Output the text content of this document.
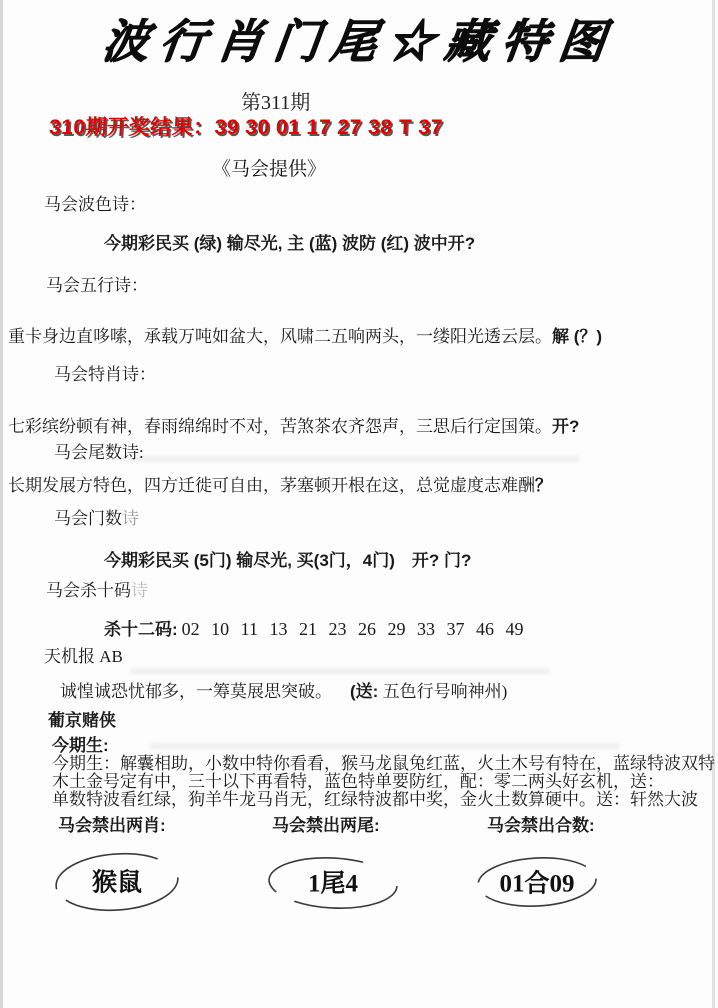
波行肖门尾☆藏特图
第311期
310期开奖结果：39 30 01 17 27 38 T 37
《马会提供》
马会波色诗：
今期彩民买 (绿) 输尽光, 主 (蓝) 波防 (红) 波中开?
马会五行诗：
重卡身边直哆嗦，承载万吨如盆大，风啸二五响两头，一缕阳光透云层。解 (？)
马会特肖诗：
七彩缤纷顿有神，春雨绵绵时不对，苦煞茶农齐怨声，三思后行定国策。开?
马会尾数诗:
长期发展方特色，四方迁徙可自由，茅塞顿开根在这，总觉虚度志难酬？
马会门数诗
今期彩民买 (5门) 输尽光, 买(3门，4门)　开? 门?
马会杀十码诗
杀十二码: 02 10 11 13 21 23 26 29 33 37 46 49
天机报 AB
诚惶诚恐忧郁多，一筹莫展思突破。 (送: 五色行号响神州)
葡京赌侠
今期生:
今期生：解囊相助，小数中特你看看，猴马龙鼠兔红蓝，火土木号有特在，蓝绿特波双特
木土金号定有中，三十以下再看特，蓝色特单要防红，配：零二两头好玄机，送：
单数特波看红绿，狗羊牛龙马肖无，红绿特波都中奖，金火土数算硬中。送：轩然大波
马会禁出两肖:	马会禁出两尾:	马会禁出合数:
猴鼠	1尾4	01合09
